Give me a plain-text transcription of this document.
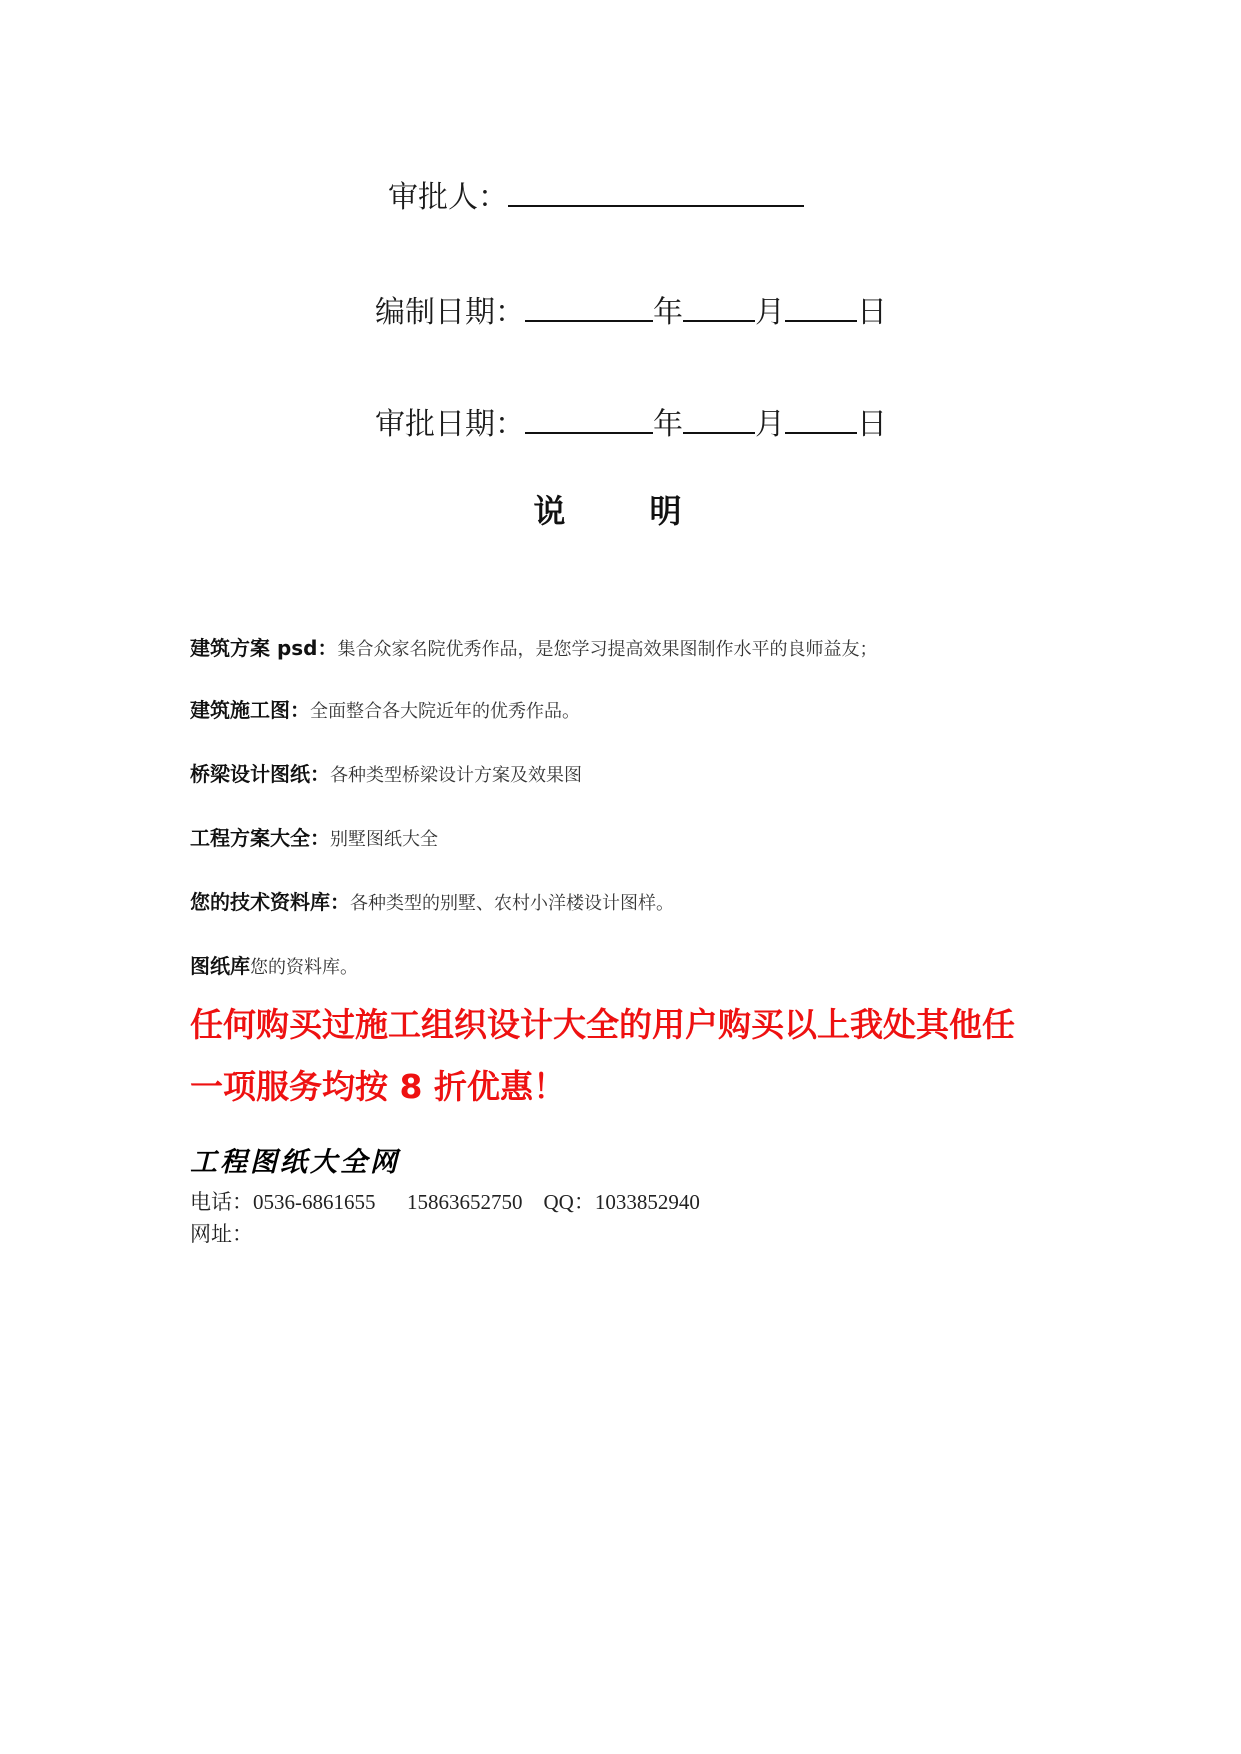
审批人：
编制日期：	年 月 日
审批日期：	年 月 日
说　明
建筑方案 psd：集合众家名院优秀作品，是您学习提高效果图制作水平的良师益友；
建筑施工图：全面整合各大院近年的优秀作品。
桥梁设计图纸：各种类型桥梁设计方案及效果图
工程方案大全：别墅图纸大全
您的技术资料库：各种类型的别墅、农村小洋楼设计图样。
图纸库您的资料库。
任何购买过施工组织设计大全的用户购买以上我处其他任
一项服务均按 8 折优惠！
工程图纸大全网
电话：0536-6861655      15863652750    QQ：1033852940
网址：
